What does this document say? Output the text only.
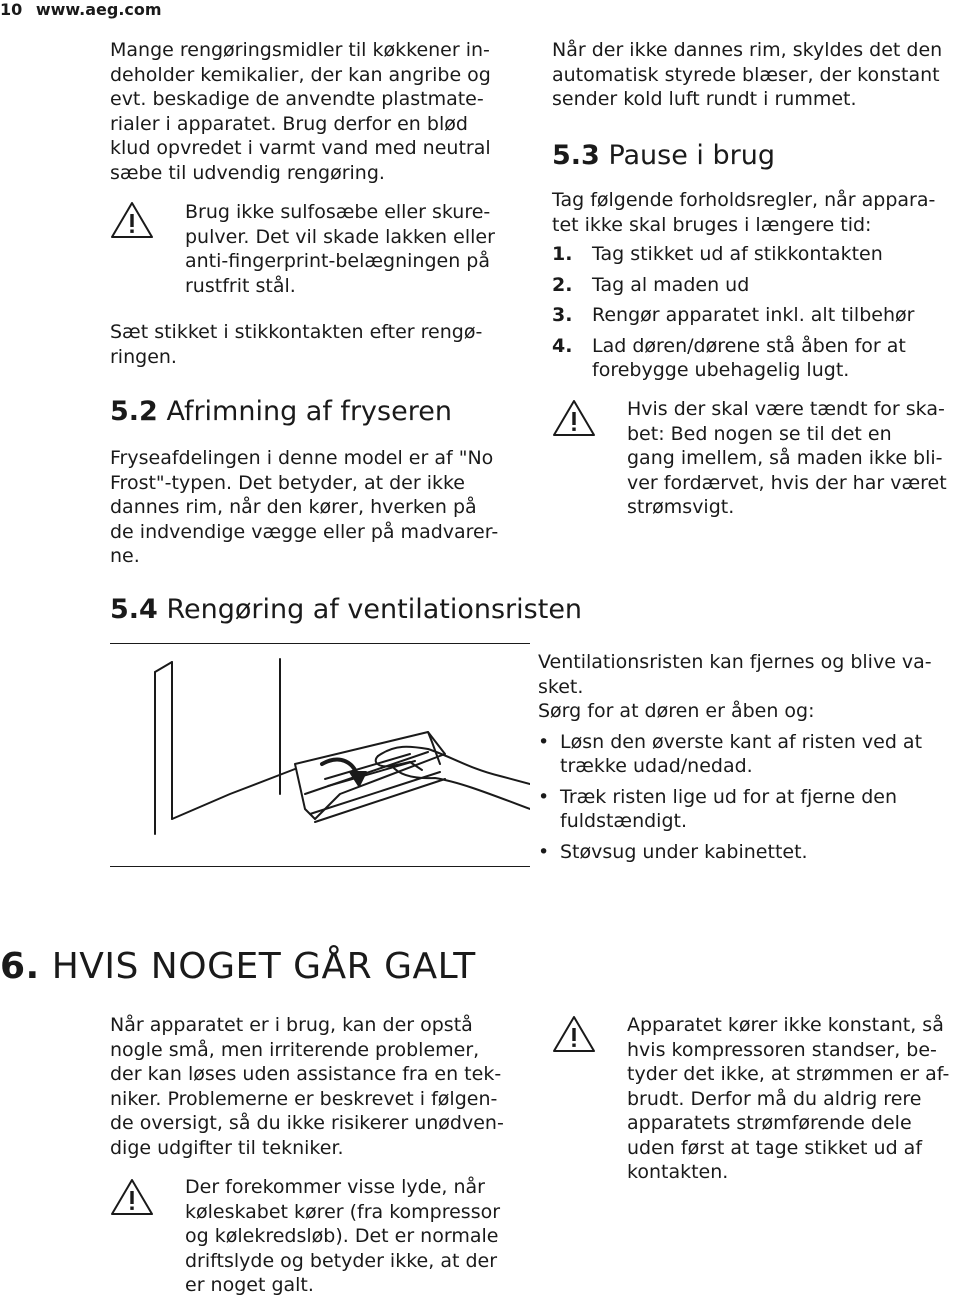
10 www.aeg.com
Mange rengøringsmidler til køkkener in-
deholder kemikalier, der kan angribe og
evt. beskadige de anvendte plastmate-
rialer i apparatet. Brug derfor en blød
klud opvredet i varmt vand med neutral
sæbe til udvendig rengøring.
Brug ikke sulfosæbe eller skure-
pulver. Det vil skade lakken eller
anti-fingerprint-belægningen på
rustfrit stål.
Sæt stikket i stikkontakten efter rengø-
ringen.
5.2 Afrimning af fryseren
Fryseafdelingen i denne model er af "No
Frost"-typen. Det betyder, at der ikke
dannes rim, når den kører, hverken på
de indvendige vægge eller på madvarer-
ne.
Når der ikke dannes rim, skyldes det den
automatisk styrede blæser, der konstant
sender kold luft rundt i rummet.
5.3 Pause i brug
Tag følgende forholdsregler, når appara-
tet ikke skal bruges i længere tid:
1. Tag stikket ud af stikkontakten
2. Tag al maden ud
3. Rengør apparatet inkl. alt tilbehør
4. Lad døren/dørene stå åben for at
forebygge ubehagelig lugt.
Hvis der skal være tændt for ska-
bet: Bed nogen se til det en
gang imellem, så maden ikke bli-
ver fordærvet, hvis der har været
strømsvigt.
5.4 Rengøring af ventilationsristen
Ventilationsristen kan fjernes og blive va-
sket.
Sørg for at døren er åben og:
• Løsn den øverste kant af risten ved at
trække udad/nedad.
• Træk risten lige ud for at fjerne den
fuldstændigt.
• Støvsug under kabinettet.
6. HVIS NOGET GÅR GALT
Når apparatet er i brug, kan der opstå
nogle små, men irriterende problemer,
der kan løses uden assistance fra en tek-
niker. Problemerne er beskrevet i følgen-
de oversigt, så du ikke risikerer unødven-
dige udgifter til tekniker.
Der forekommer visse lyde, når
køleskabet kører (fra kompressor
og kølekredsløb). Det er normale
driftslyde og betyder ikke, at der
er noget galt.
Apparatet kører ikke konstant, så
hvis kompressoren standser, be-
tyder det ikke, at strømmen er af-
brudt. Derfor må du aldrig rere
apparatets strømførende dele
uden først at tage stikket ud af
kontakten.
